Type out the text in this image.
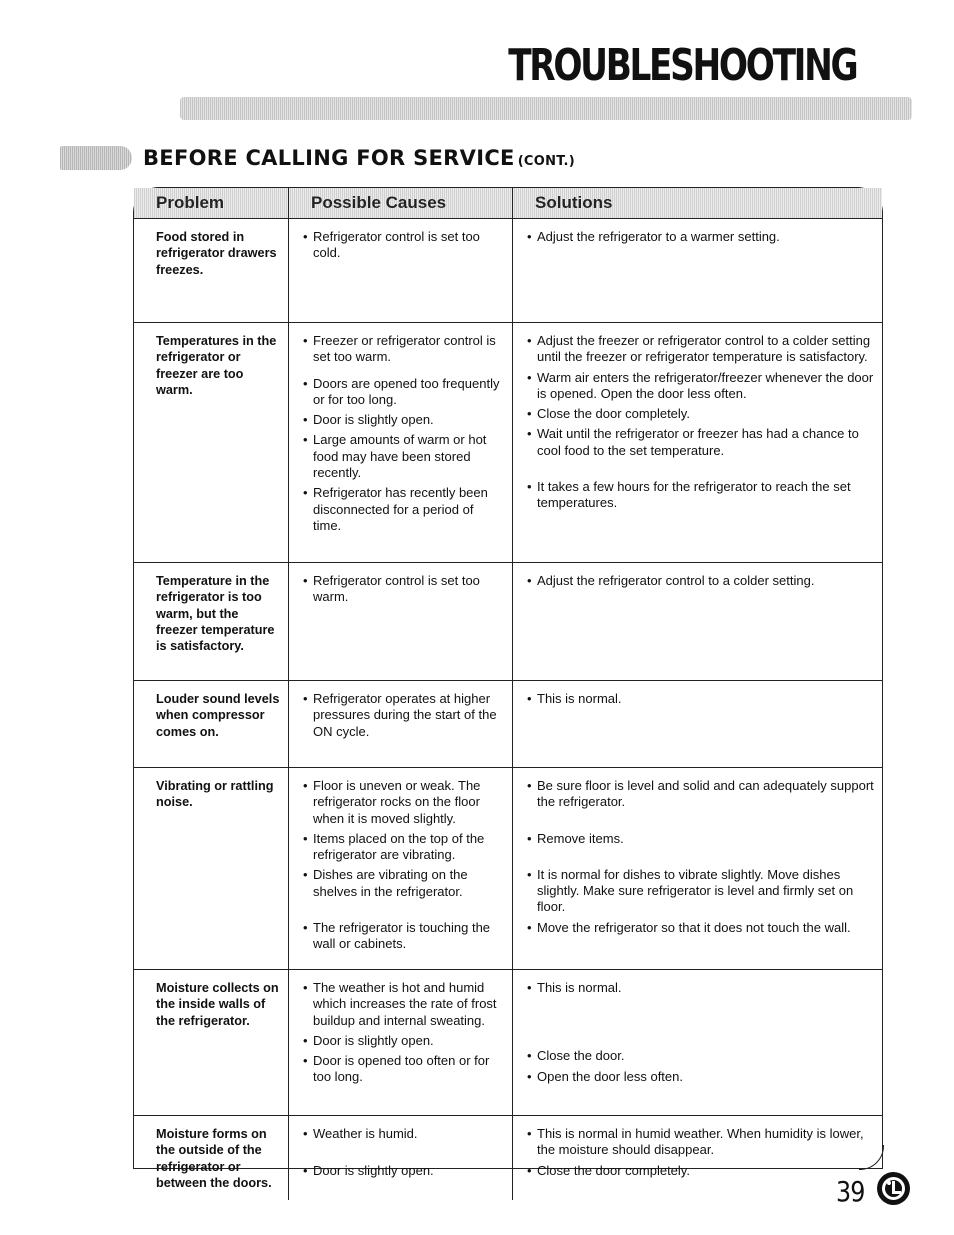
TROUBLESHOOTING
BEFORE CALLING FOR SERVICE (CONT.)
Problem	Possible Causes	Solutions
Food stored in refrigerator drawers freezes.
• Refrigerator control is set too cold.
• Adjust the refrigerator to a warmer setting.
Temperatures in the refrigerator or freezer are too warm.
• Freezer or refrigerator control is set too warm.
• Doors are opened too frequently or for too long.
• Door is slightly open.
• Large amounts of warm or hot food may have been stored recently.
• Refrigerator has recently been disconnected for a period of time.
• Adjust the freezer or refrigerator control to a colder setting until the freezer or refrigerator temperature is satisfactory.
• Warm air enters the refrigerator/freezer whenever the door is opened. Open the door less often.
• Close the door completely.
• Wait until the refrigerator or freezer has had a chance to cool food to the set temperature.
• It takes a few hours for the refrigerator to reach the set temperatures.
Temperature in the refrigerator is too warm, but the freezer temperature is satisfactory.
• Refrigerator control is set too warm.
• Adjust the refrigerator control to a colder setting.
Louder sound levels when compressor comes on.
• Refrigerator operates at higher pressures during the start of the ON cycle.
• This is normal.
Vibrating or rattling noise.
• Floor is uneven or weak. The refrigerator rocks on the floor when it is moved slightly.
• Items placed on the top of the refrigerator are vibrating.
• Dishes are vibrating on the shelves in the refrigerator.
• The refrigerator is touching the wall or cabinets.
• Be sure floor is level and solid and can adequately support the refrigerator.
• Remove items.
• It is normal for dishes to vibrate slightly. Move dishes slightly. Make sure refrigerator is level and firmly set on floor.
• Move the refrigerator so that it does not touch the wall.
Moisture collects on the inside walls of the refrigerator.
• The weather is hot and humid which increases the rate of frost buildup and internal sweating.
• Door is slightly open.
• Door is opened too often or for too long.
• This is normal.
• Close the door.
• Open the door less often.
Moisture forms on the outside of the refrigerator or between the doors.
• Weather is humid.
• Door is slightly open.
• This is normal in humid weather. When humidity is lower, the moisture should disappear.
• Close the door completely.
39
